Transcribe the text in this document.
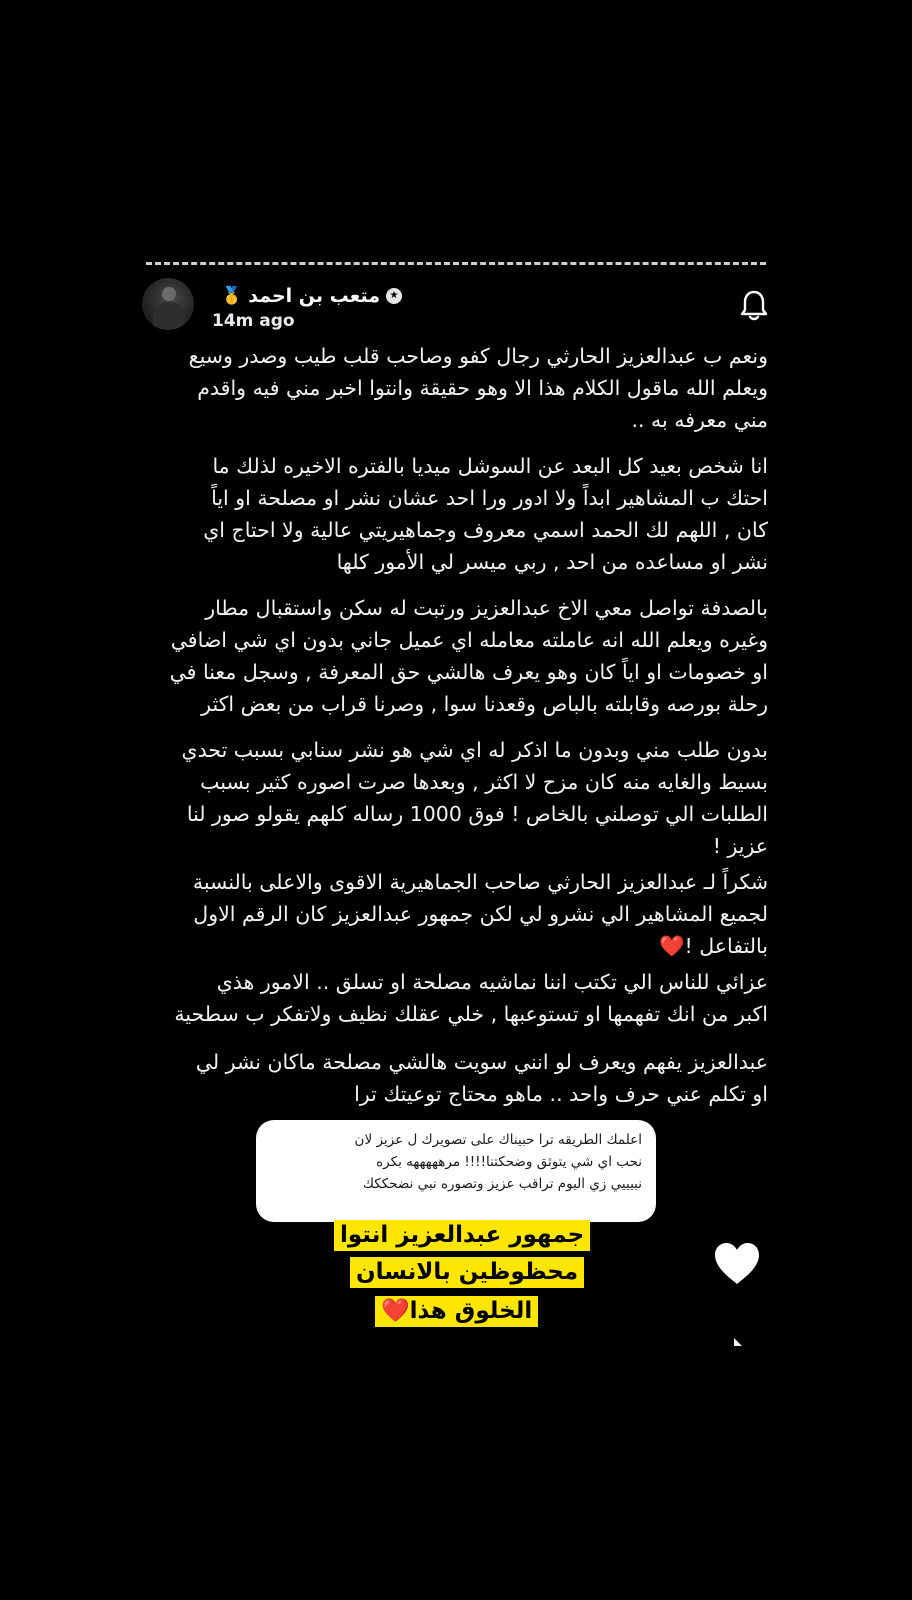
★
متعب بن احمد
🥇
14m ago
ونعم ب عبدالعزيز الحارثي رجال كفو وصاحب قلب طيب وصدر وسيع
ويعلم الله ماقول الكلام هذا الا وهو حقيقة وانتوا اخبر مني فيه واقدم
مني معرفه به ..
انا شخص بعيد كل البعد عن السوشل ميديا بالفتره الاخيره لذلك ما
احتك ب المشاهير ابداً ولا ادور ورا احد عشان نشر او مصلحة او اياً
كان , اللهم لك الحمد اسمي معروف وجماهيريتي عالية ولا احتاج اي
نشر او مساعده من احد , ربي ميسر لي الأمور كلها
بالصدفة تواصل معي الاخ عبدالعزيز ورتبت له سكن واستقبال مطار
وغيره ويعلم الله انه عاملته معامله اي عميل جاني بدون اي شي اضافي
او خصومات او اياً كان وهو يعرف هالشي حق المعرفة , وسجل معنا في
رحلة بورصه وقابلته بالباص وقعدنا سوا , وصرنا قراب من بعض اكثر
بدون طلب مني وبدون ما اذكر له اي شي هو نشر سنابي بسبب تحدي
بسيط والغايه منه كان مزح لا اكثر , وبعدها صرت اصوره كثير بسبب
الطلبات الي توصلني بالخاص ! فوق 1000 رساله كلهم يقولو صور لنا
عزيز !
شكراً لـ عبدالعزيز الحارثي صاحب الجماهيرية الاقوى والاعلى بالنسبة
لجميع المشاهير الي نشرو لي لكن جمهور عبدالعزيز كان الرقم الاول
بالتفاعل !❤️
عزائي للناس الي تكتب اننا نماشيه مصلحة او تسلق .. الامور هذي
اكبر من انك تفهمها او تستوعبها , خلي عقلك نظيف ولاتفكر ب سطحية
عبدالعزيز يفهم ويعرف لو انني سويت هالشي مصلحة ماكان نشر لي
او تكلم عني حرف واحد .. ماهو محتاج توعيتك ترا
اعلمك الطريقه ترا حبيناك على تصويرك ل عزيز لان
نحب اي شي يتوثق وضحكتنا!!!! مرهههههه بكره
نبيييي زي اليوم تراقب عزيز وتصوره نبي نضحككك
جمهور عبدالعزيز انتوا
محظوظين بالانسان
الخلوق هذا❤️
